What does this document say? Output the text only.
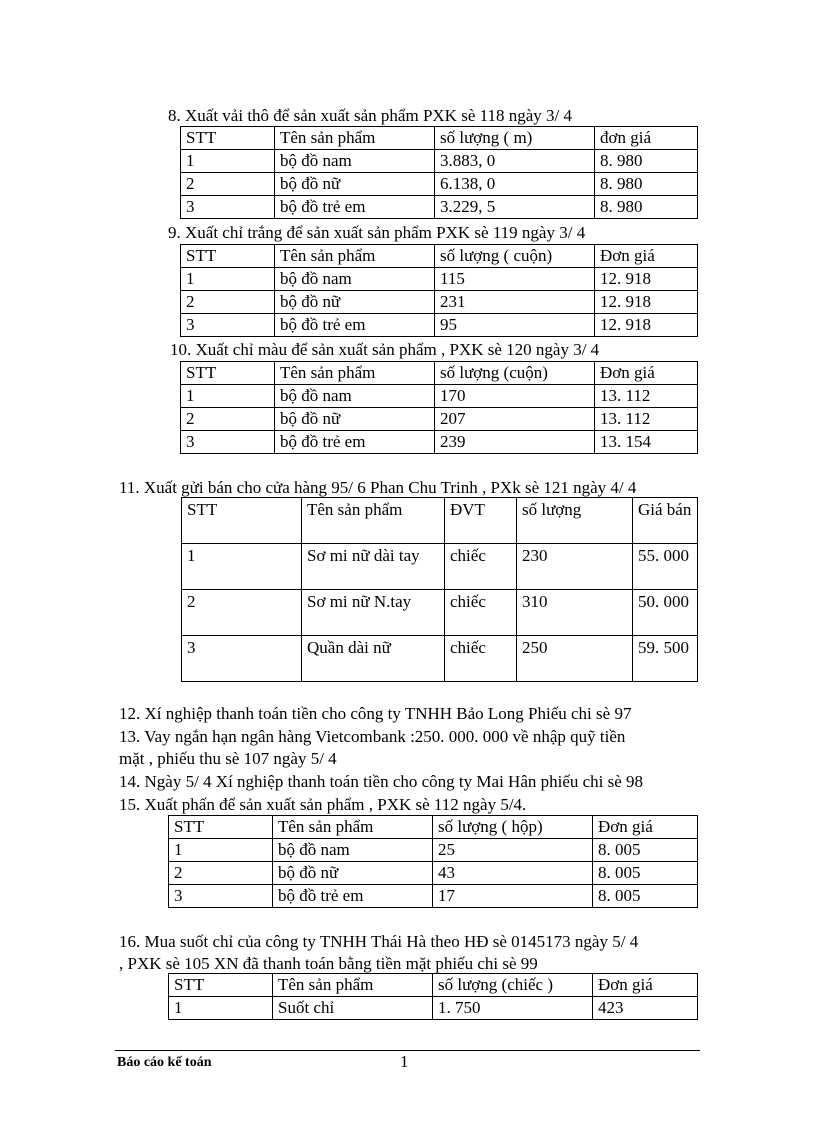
8. Xuất vải thô để sản xuất sản phẩm PXK sè 118 ngày 3/ 4
STT	Tên sản phẩm	số lượng ( m)	đơn giá
1	bộ đồ nam	3.883, 0	8. 980
2	bộ đồ nữ	6.138, 0	8. 980
3	bộ đồ trẻ em	3.229, 5	8. 980
9. Xuất chỉ trắng để sản xuất sản phẩm PXK sè 119 ngày 3/ 4
STT	Tên sản phẩm	số lượng ( cuộn)	Đơn giá
1	bộ đồ nam	115	12. 918
2	bộ đồ nữ	231	12. 918
3	bộ đồ trẻ em	95	12. 918
10. Xuất chỉ màu để sản xuất sản phẩm , PXK sè 120 ngày 3/ 4
STT	Tên sản phẩm	số lượng (cuộn)	Đơn giá
1	bộ đồ nam	170	13. 112
2	bộ đồ nữ	207	13. 112
3	bộ đồ trẻ em	239	13. 154
11. Xuất gửi bán cho cửa hàng 95/ 6 Phan Chu Trinh , PXk sè 121 ngày 4/ 4
STT	Tên sản phẩm	ĐVT	số lượng	Giá bán
1	Sơ mi nữ dài tay	chiếc	230	55. 000
2	Sơ mi nữ N.tay	chiếc	310	50. 000
3	Quần dài nữ	chiếc	250	59. 500
12. Xí nghiệp thanh toán tiền cho công ty TNHH Bảo Long Phiếu chi sè 97
13. Vay ngắn hạn ngân hàng Vietcombank :250. 000. 000 về nhập quỹ tiền
mặt , phiếu thu sè 107 ngày 5/ 4
14. Ngày 5/ 4 Xí nghiệp thanh toán tiền cho công ty Mai Hân phiếu chi sè 98
15. Xuất phấn để sản xuất sản phẩm , PXK sè 112 ngày 5/4.
STT	Tên sản phẩm	số lượng ( hộp)	Đơn giá
1	bộ đồ nam	25	8. 005
2	bộ đồ nữ	43	8. 005
3	bộ đồ trẻ em	17	8. 005
16. Mua suốt chỉ của công ty TNHH Thái Hà theo HĐ sè 0145173 ngày 5/ 4
, PXK sè 105 XN đã thanh toán bằng tiền mặt phiếu chi sè 99
STT	Tên sản phẩm	số lượng (chiếc )	Đơn giá
1	Suốt chỉ	1. 750	423
Báo cáo kế toán	1
